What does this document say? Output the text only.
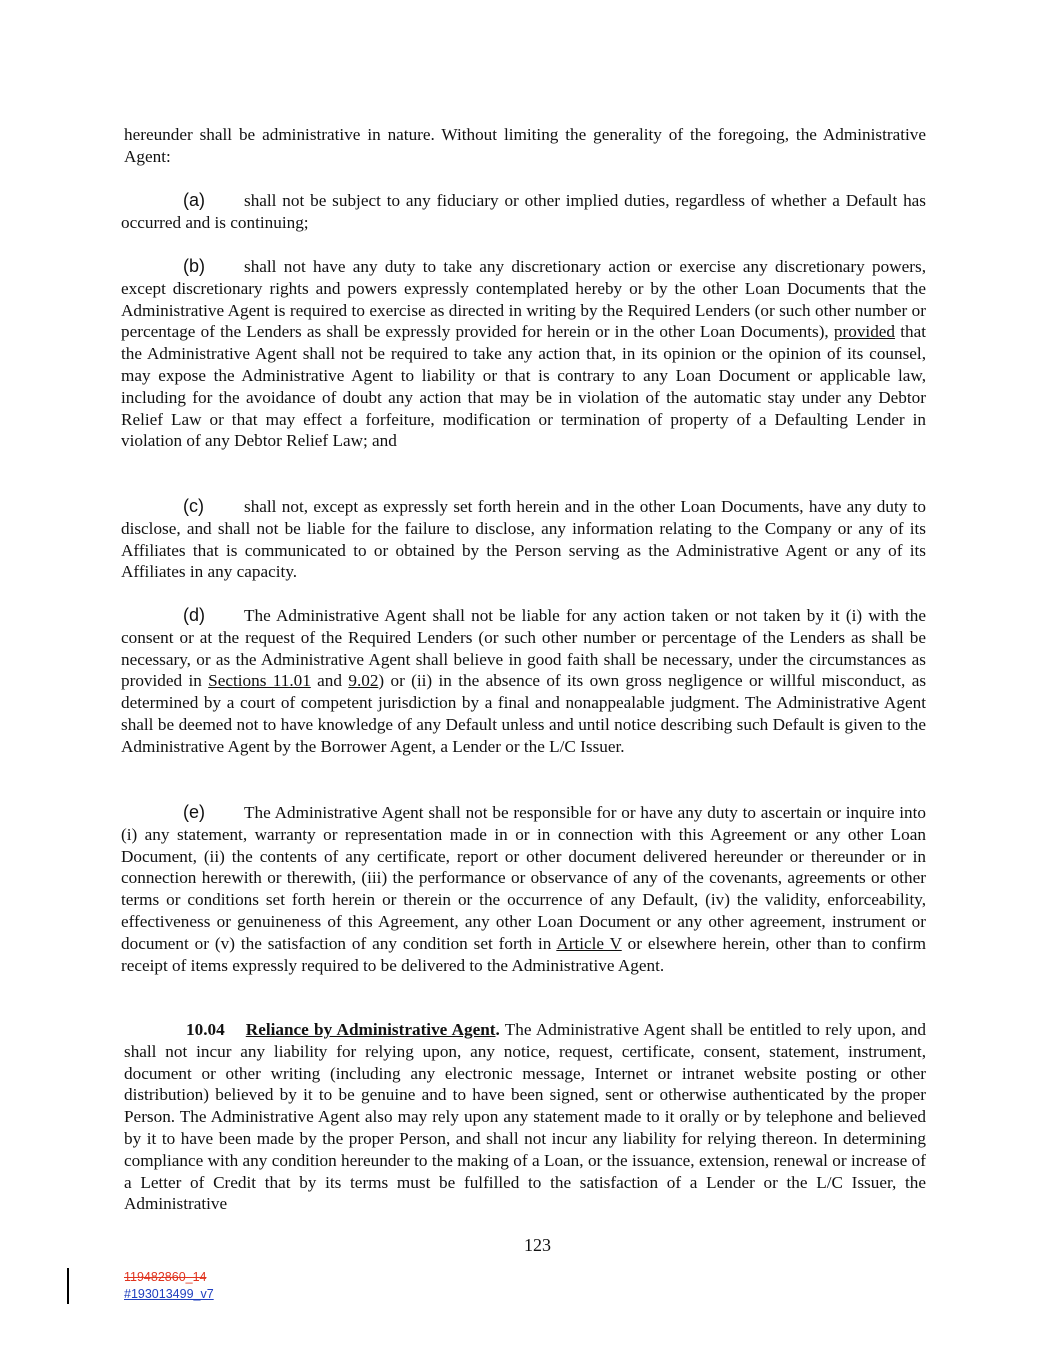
hereunder shall be administrative in nature. Without limiting the generality of the foregoing, the Administrative Agent:

(a) shall not be subject to any fiduciary or other implied duties, regardless of whether a Default has occurred and is continuing;

(b) shall not have any duty to take any discretionary action or exercise any discretionary powers, except discretionary rights and powers expressly contemplated hereby or by the other Loan Documents that the Administrative Agent is required to exercise as directed in writing by the Required Lenders (or such other number or percentage of the Lenders as shall be expressly provided for herein or in the other Loan Documents), provided that the Administrative Agent shall not be required to take any action that, in its opinion or the opinion of its counsel, may expose the Administrative Agent to liability or that is contrary to any Loan Document or applicable law, including for the avoidance of doubt any action that may be in violation of the automatic stay under any Debtor Relief Law or that may effect a forfeiture, modification or termination of property of a Defaulting Lender in violation of any Debtor Relief Law; and

(c) shall not, except as expressly set forth herein and in the other Loan Documents, have any duty to disclose, and shall not be liable for the failure to disclose, any information relating to the Company or any of its Affiliates that is communicated to or obtained by the Person serving as the Administrative Agent or any of its Affiliates in any capacity.

(d) The Administrative Agent shall not be liable for any action taken or not taken by it (i) with the consent or at the request of the Required Lenders (or such other number or percentage of the Lenders as shall be necessary, or as the Administrative Agent shall believe in good faith shall be necessary, under the circumstances as provided in Sections 11.01 and 9.02) or (ii) in the absence of its own gross negligence or willful misconduct, as determined by a court of competent jurisdiction by a final and nonappealable judgment. The Administrative Agent shall be deemed not to have knowledge of any Default unless and until notice describing such Default is given to the Administrative Agent by the Borrower Agent, a Lender or the L/C Issuer.

(e) The Administrative Agent shall not be responsible for or have any duty to ascertain or inquire into (i) any statement, warranty or representation made in or in connection with this Agreement or any other Loan Document, (ii) the contents of any certificate, report or other document delivered hereunder or thereunder or in connection herewith or therewith, (iii) the performance or observance of any of the covenants, agreements or other terms or conditions set forth herein or therein or the occurrence of any Default, (iv) the validity, enforceability, effectiveness or genuineness of this Agreement, any other Loan Document or any other agreement, instrument or document or (v) the satisfaction of any condition set forth in Article V or elsewhere herein, other than to confirm receipt of items expressly required to be delivered to the Administrative Agent.

10.04 Reliance by Administrative Agent. The Administrative Agent shall be entitled to rely upon, and shall not incur any liability for relying upon, any notice, request, certificate, consent, statement, instrument, document or other writing (including any electronic message, Internet or intranet website posting or other distribution) believed by it to be genuine and to have been signed, sent or otherwise authenticated by the proper Person. The Administrative Agent also may rely upon any statement made to it orally or by telephone and believed by it to have been made by the proper Person, and shall not incur any liability for relying thereon. In determining compliance with any condition hereunder to the making of a Loan, or the issuance, extension, renewal or increase of a Letter of Credit that by its terms must be fulfilled to the satisfaction of a Lender or the L/C Issuer, the Administrative

123
119482860_14
#193013499_v7
